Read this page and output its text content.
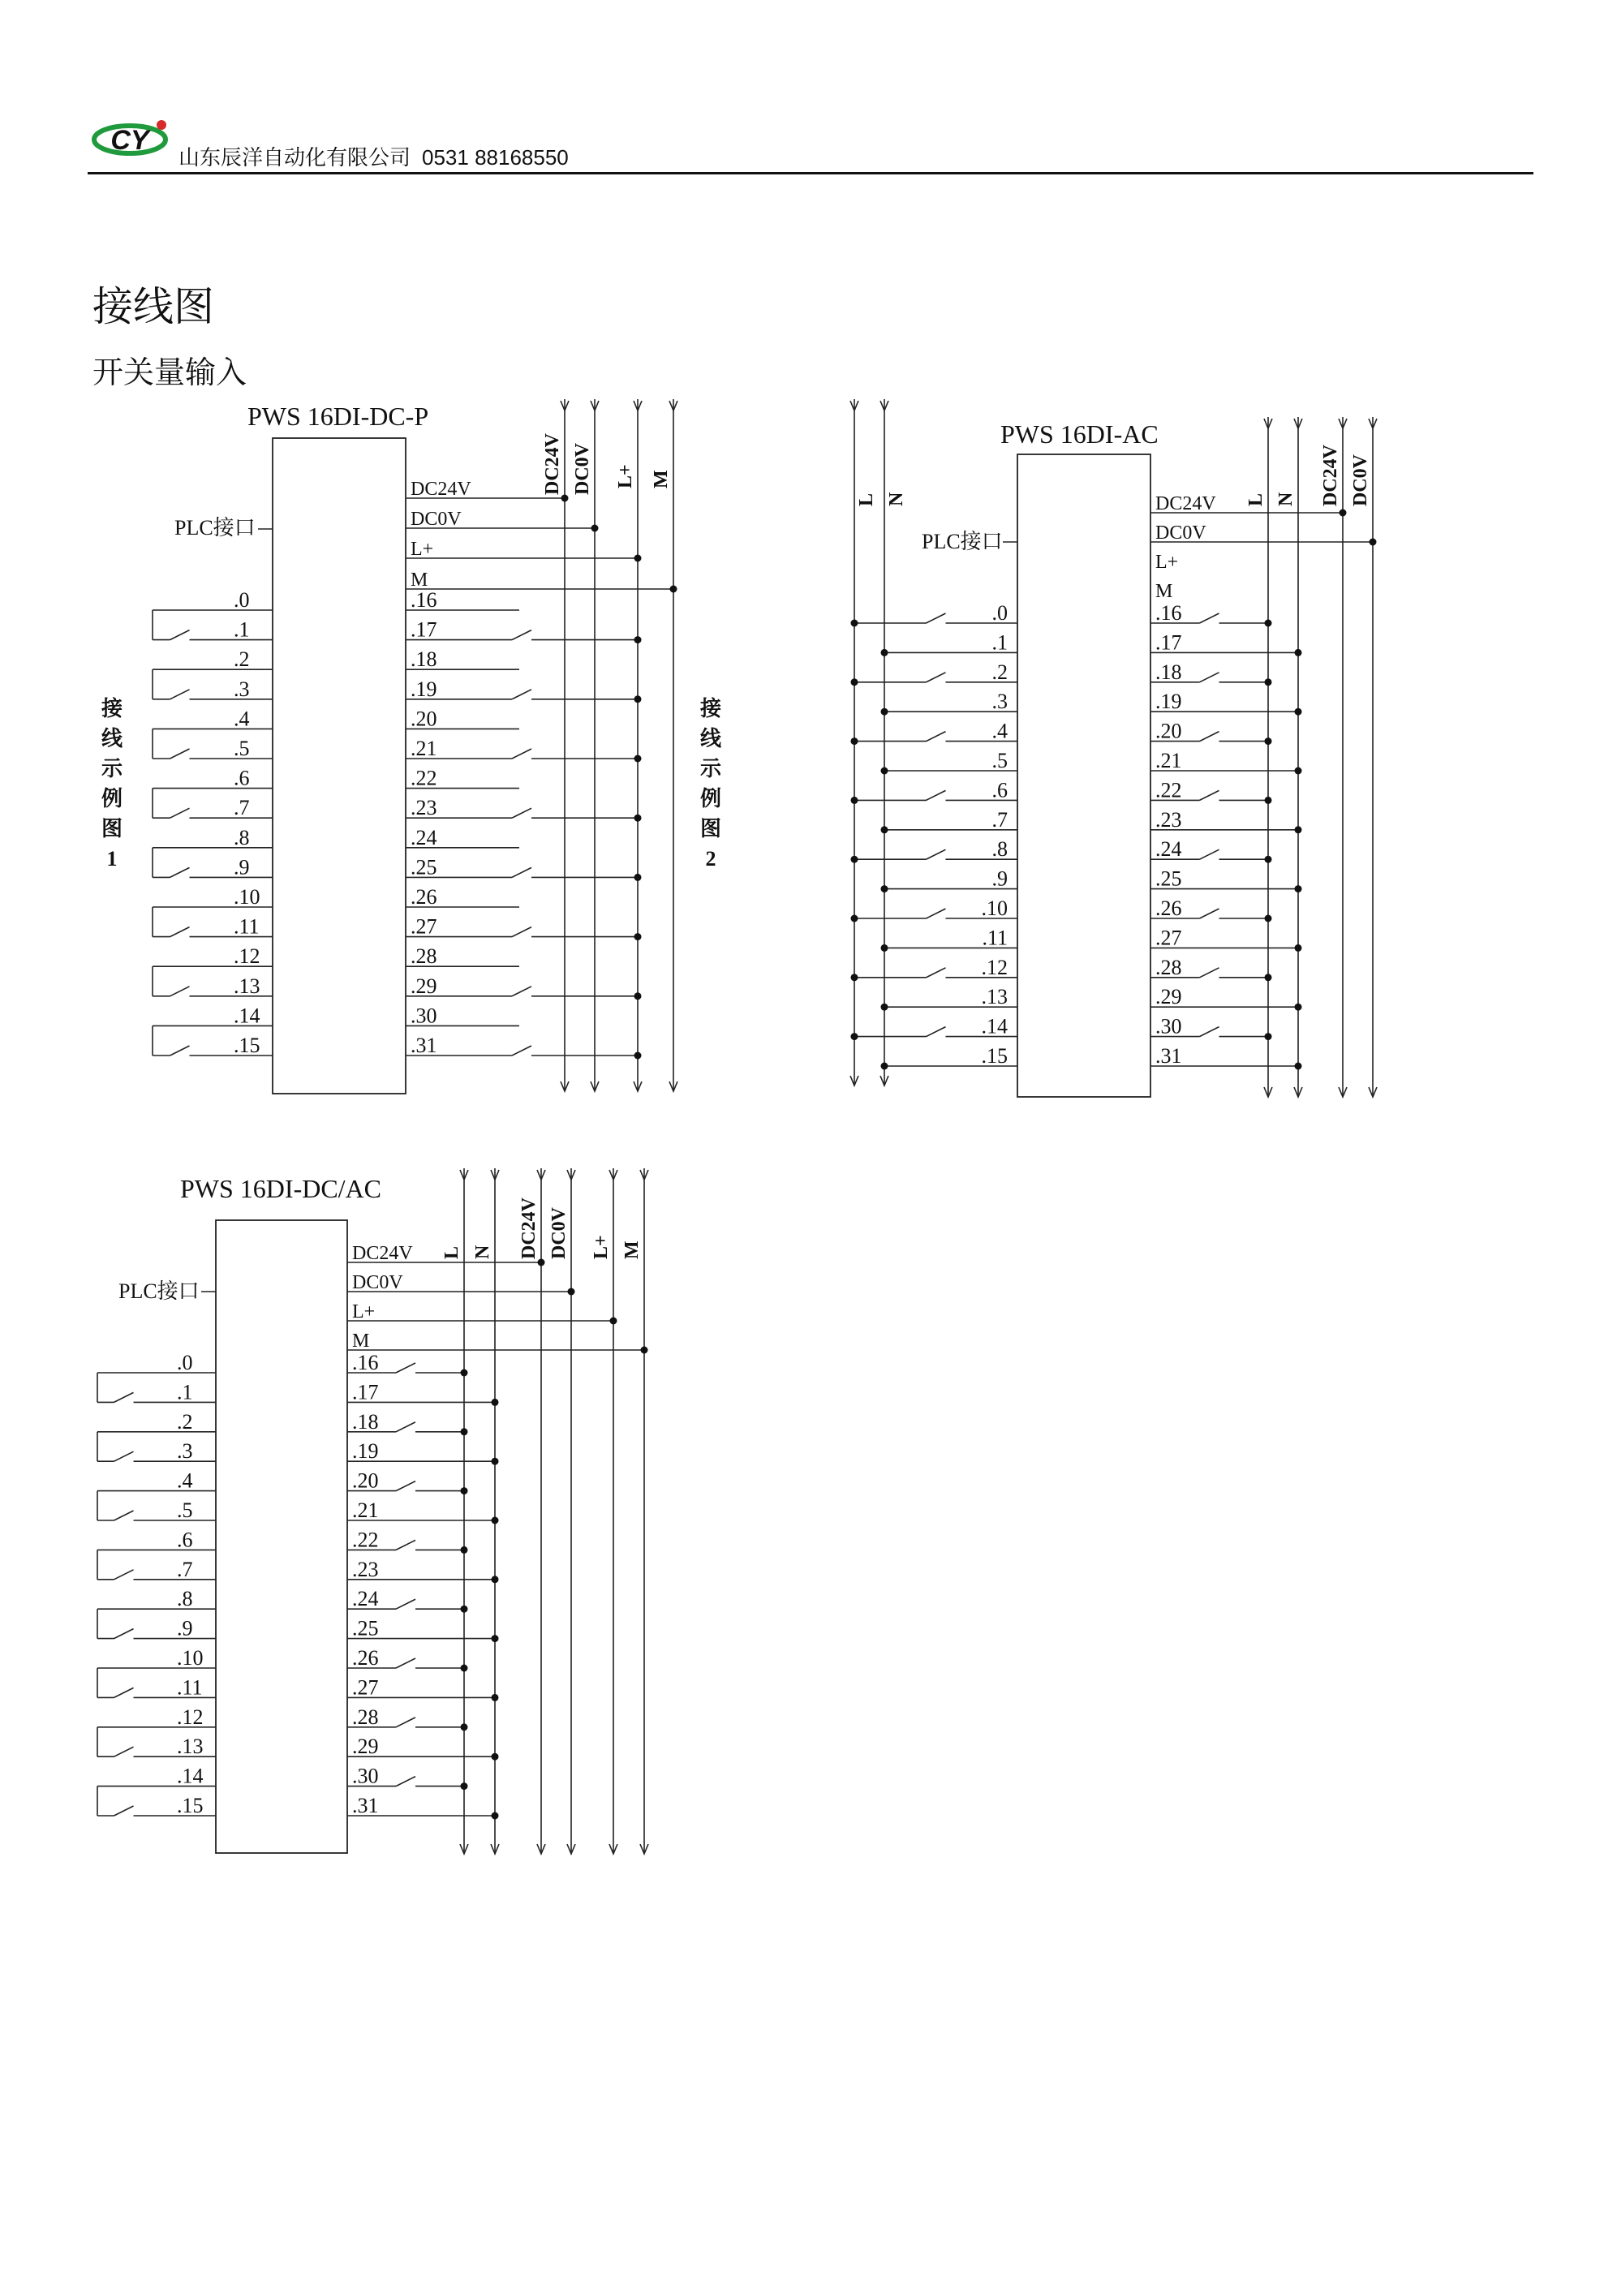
CY
山东辰洋自动化有限公司 0531 88168550
接线图
开关量输入
PWS 16DI-DC-P
PLC接口
DC24V DC0V L+ M
DC24V
DC0V
L+
M
.0	.16
.1	.17
.2	.18
.3	.19
.4	.20
.5	.21
.6	.22
.7	.23
.8	.24
.9	.25
.10	.26
.11	.27
.12	.28
.13	.29
.14	.30
.15	.31
接
线
示
例
图
1
接
线
示
例
图
2
PWS 16DI-AC
PLC接口
L N	L N DC24V DC0V
DC24V
DC0V
L+
M
.0	.16
.1	.17
.2	.18
.3	.19
.4	.20
.5	.21
.6	.22
.7	.23
.8	.24
.9	.25
.10	.26
.11	.27
.12	.28
.13	.29
.14	.30
.15	.31
PWS 16DI-DC/AC
PLC接口
L N DC24V DC0V L+ M
DC24V
DC0V
L+
M
.0	.16
.1	.17
.2	.18
.3	.19
.4	.20
.5	.21
.6	.22
.7	.23
.8	.24
.9	.25
.10	.26
.11	.27
.12	.28
.13	.29
.14	.30
.15	.31
